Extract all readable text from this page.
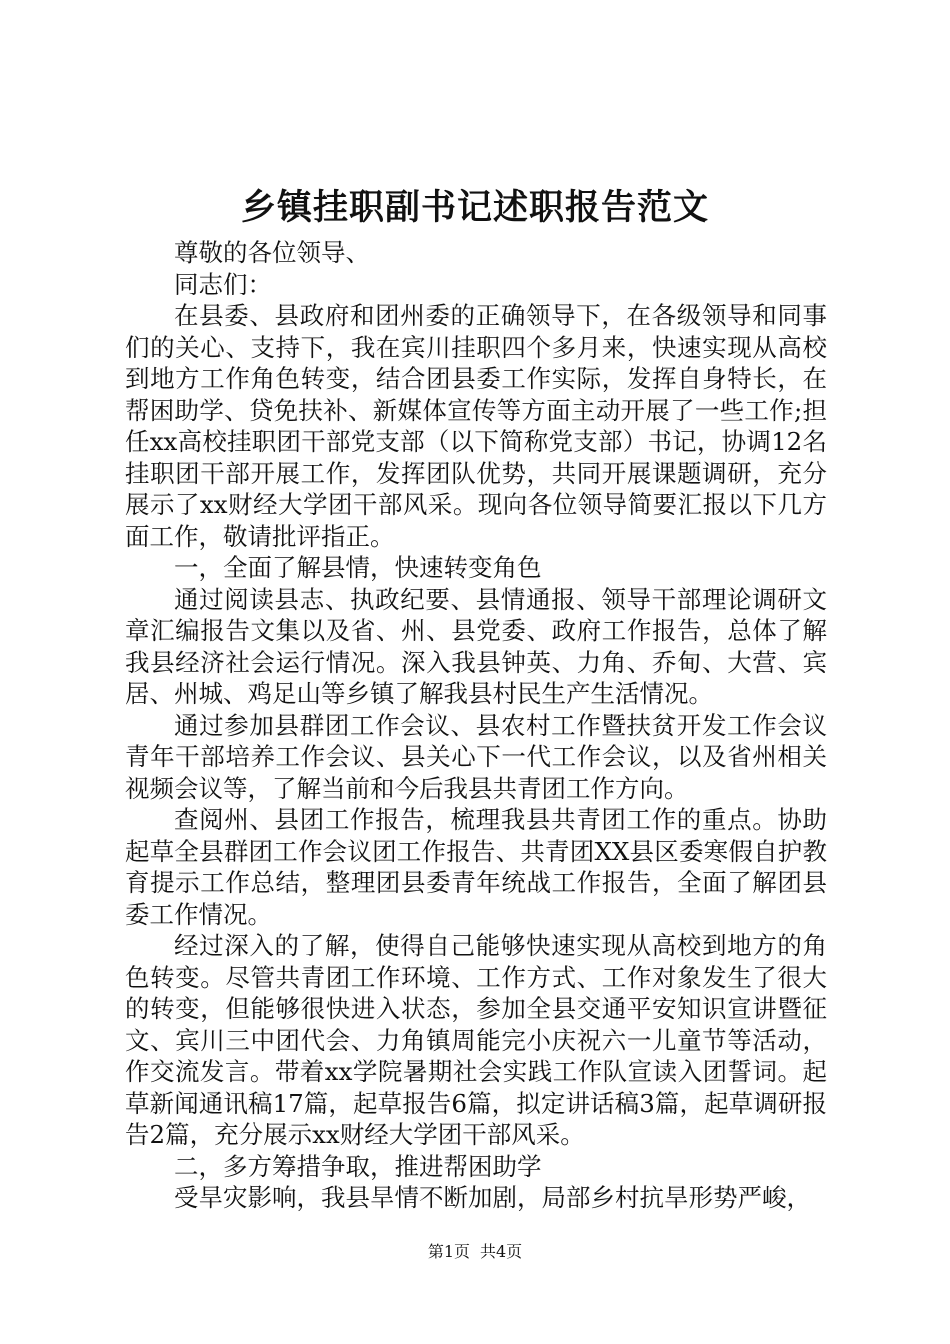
乡镇挂职副书记述职报告范文

尊敬的各位领导、

同志们：

在县委、县政府和团州委的正确领导下，在各级领导和同事们的关心、支持下，我在宾川挂职四个多月来，快速实现从高校到地方工作角色转变，结合团县委工作实际，发挥自身特长，在帮困助学、贷免扶补、新媒体宣传等方面主动开展了一些工作;担任xx高校挂职团干部党支部（以下简称党支部）书记，协调12名挂职团干部开展工作，发挥团队优势，共同开展课题调研，充分展示了xx财经大学团干部风采。现向各位领导简要汇报以下几方面工作，敬请批评指正。

一，全面了解县情，快速转变角色

通过阅读县志、执政纪要、县情通报、领导干部理论调研文章汇编报告文集以及省、州、县党委、政府工作报告，总体了解我县经济社会运行情况。深入我县钟英、力角、乔甸、大营、宾居、州城、鸡足山等乡镇了解我县村民生产生活情况。

通过参加县群团工作会议、县农村工作暨扶贫开发工作会议青年干部培养工作会议、县关心下一代工作会议，以及省州相关视频会议等，了解当前和今后我县共青团工作方向。

查阅州、县团工作报告，梳理我县共青团工作的重点。协助起草全县群团工作会议团工作报告、共青团XX县区委寒假自护教育提示工作总结，整理团县委青年统战工作报告，全面了解团县委工作情况。

经过深入的了解，使得自己能够快速实现从高校到地方的角色转变。尽管共青团工作环境、工作方式、工作对象发生了很大的转变，但能够很快进入状态，参加全县交通平安知识宣讲暨征文、宾川三中团代会、力角镇周能完小庆祝六一儿童节等活动，作交流发言。带着xx学院暑期社会实践工作队宣读入团誓词。起草新闻通讯稿17篇，起草报告6篇，拟定讲话稿3篇，起草调研报告2篇，充分展示xx财经大学团干部风采。

二，多方筹措争取，推进帮困助学

受旱灾影响，我县旱情不断加剧，局部乡村抗旱形势严峻，

第1页 共4页
